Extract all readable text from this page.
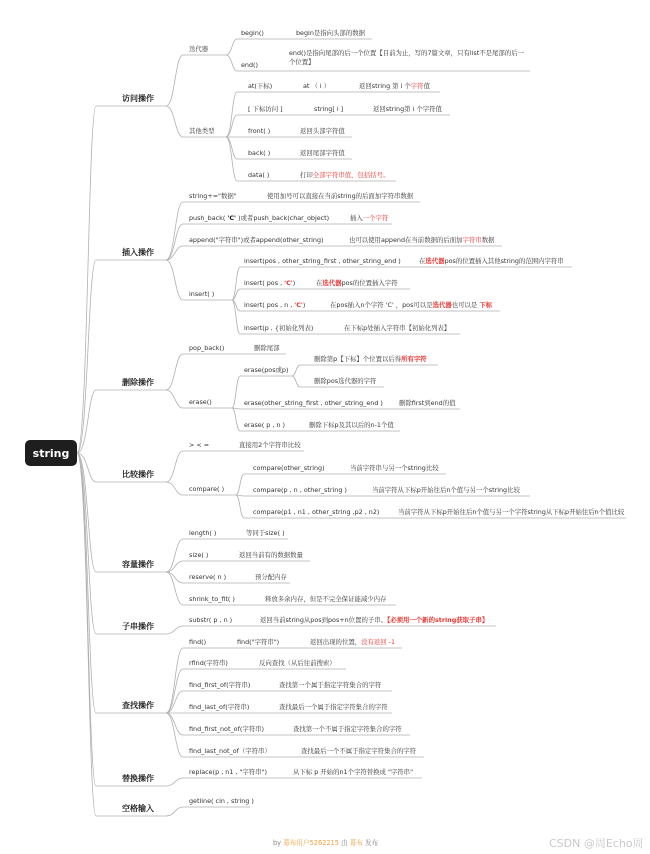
string
访问操作
插入操作
删除操作
比较操作
容量操作
子串操作
查找操作
替换操作
空格输入
迭代器
begin()	begin是指向头部的数据
end()
end()是指向尾部的后一个位置【目前为止，写的7篇文章，只有list不是尾部的后一个位置】
其他类型
at(下标)	at （ i ）	返回string 第 i 个字符值
[ 下标访问 ]	string[ i ]	返回string第 i 个字符值
front( )	返回头部字符值
back( )	返回尾部字符值
data( )	打印全部字符串值，包括括号。
string+="数据"	使用加号可以直接在当前string的后面加字符串数据
push_back( 'C' )或者push_back(char_object)	插入一个字符
append("字符串")或者append(other_string)	也可以使用append在当前数据的后面加字符串数据
insert( )
insert(pos , other_string_first , other_string_end )	在选代器pos的位置插入其他string的范围内字符串
insert( pos , 'C')	在选代器pos的位置插入字符
insert( pos , n , 'C')	在pos插入n个字符 'C' ，pos可以是选代器也可以是 下标
insert(p , {初始化列表)	在下标p处插入字符串【初始化列表】
pop_back()	删除尾部
erase()
erase(pos或p)
删除第p【下标】个位置以后得所有字符
删除pos选代器的字符
erase(other_string_first , other_string_end )	删除first到end的值
erase( p , n )	删除下标p及其以后的n-1个值
> < =	直接用2个字符串比较
compare( )
compare(other_string)	当前字符串与另一个string比较
compare(p , n , other_string )	当前字符从下标p开始往后n个值与另一个string比较
compare(p1 , n1 , other_string ,p2 , n2)	当前字符从下标p开始往后n个值与另一个字符string从下标p开始往后n个值比较
length( )	等同于size( )
size( )	返回当前有的数据数量
reserve( n )	预分配内存
shrink_to_fit( )	释放多余内存，但是不完全保证能减少内存
substr( p , n )	返回当前string从pos到pos+n位置的子串。【必须用一个新的string获取子串】
find()	find("字符串")	返回出现的位置，没有返回 -1
rfind(字符串)	反向查找（从后往前搜索）
find_first_of(字符串)	查找第一个属于指定字符集合的字符
find_last_of(字符串)	查找最后一个属于指定字符集合的字符
find_first_not_of(字符串)	查找第一个不属于指定字符集合的字符
find_last_not_of（字符串）	查找最后一个不属于指定字符集合的字符
replace(p , n1 , "字符串")	从下标 p 开始的n1个字符替换成 "字符串"
getline( cin , string )
by 幕布用户5262215 由 幕布 发布	CSDN @周Echo周
